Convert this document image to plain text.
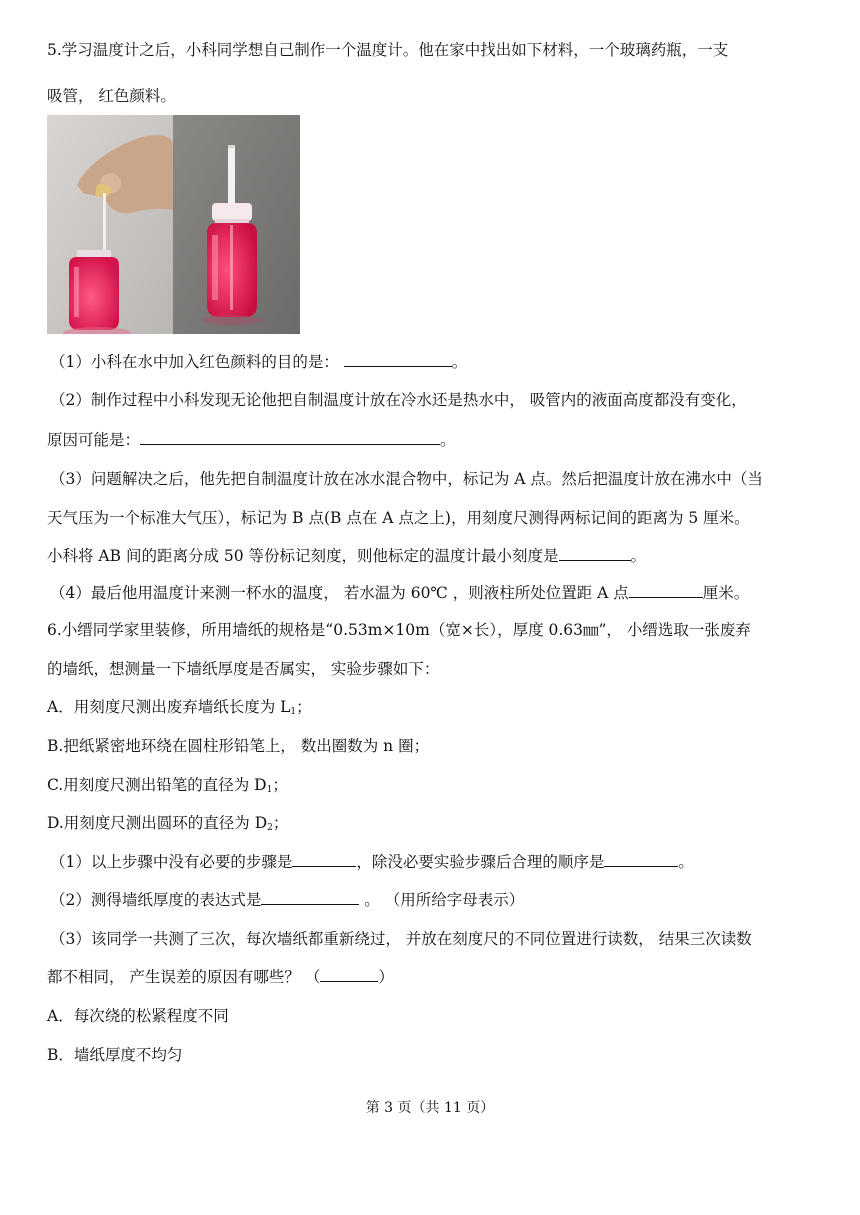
5.学习温度计之后，小科同学想自己制作一个温度计。他在家中找出如下材料，一个玻璃药瓶，一支
吸管， 红色颜料。
（1）小科在水中加入红色颜料的目的是：	。
（2）制作过程中小科发现无论他把自制温度计放在冷水还是热水中， 吸管内的液面高度都没有变化，
原因可能是：	。
（3）问题解决之后，他先把自制温度计放在冰水混合物中，标记为 A 点。然后把温度计放在沸水中（当
天气压为一个标准大气压），标记为 B 点(B 点在 A 点之上)，用刻度尺测得两标记间的距离为 5 厘米。
小科将 AB 间的距离分成 50 等份标记刻度，则他标定的温度计最小刻度是	。
（4）最后他用温度计来测一杯水的温度， 若水温为 60℃ ，则液柱所处位置距 A 点	厘米。
6.小缙同学家里装修，所用墙纸的规格是“0.53m×10m（宽×长），厚度 0.63㎜”， 小缙选取一张废弃
的墙纸，想测量一下墙纸厚度是否属实， 实验步骤如下：
A．用刻度尺测出废弃墙纸长度为 $L_1$；
B.把纸紧密地环绕在圆柱形铅笔上， 数出圈数为 n 圈；
C.用刻度尺测出铅笔的直径为 $D_1$；
D.用刻度尺测出圆环的直径为 $D_2$；
（1）以上步骤中没有必要的步骤是	，除没必要实验步骤后合理的顺序是	。
（2）测得墙纸厚度的表达式是	。 （用所给字母表示）
（3）该同学一共测了三次，每次墙纸都重新绕过， 并放在刻度尺的不同位置进行读数， 结果三次读数
都不相同， 产生误差的原因有哪些？ （	）
A．每次绕的松紧程度不同
B．墙纸厚度不均匀
第 3 页（共 11 页）
